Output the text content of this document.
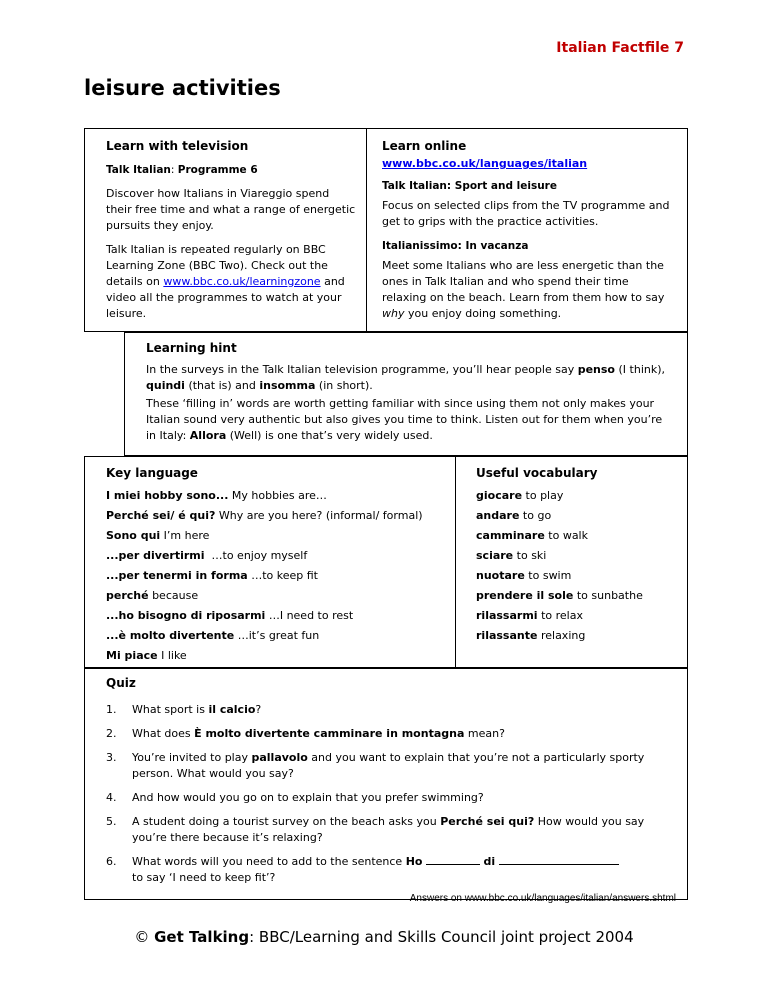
Italian Factfile 7
leisure activities

Learn with television

Talk Italian: Programme 6

Discover how Italians in Viareggio spend their free time and what a range of energetic pursuits they enjoy.

Talk Italian is repeated regularly on BBC Learning Zone (BBC Two). Check out the details on www.bbc.co.uk/learningzone and video all the programmes to watch at your leisure.

Learn online

www.bbc.co.uk/languages/italian

Talk Italian: Sport and leisure

Focus on selected clips from the TV programme and get to grips with the practice activities.

Italianissimo: In vacanza

Meet some Italians who are less energetic than the ones in Talk Italian and who spend their time relaxing on the beach. Learn from them how to say why you enjoy doing something.

Learning hint

In the surveys in the Talk Italian television programme, you’ll hear people say penso (I think), quindi (that is) and insomma (in short).

These ‘filling in’ words are worth getting familiar with since using them not only makes your Italian sound very authentic but also gives you time to think. Listen out for them when you’re in Italy: Allora (Well) is one that’s very widely used.

Key language

I miei hobby sono... My hobbies are…
Perché sei/ é qui? Why are you here? (informal/ formal)
Sono qui I’m here
...per divertirmi  …to enjoy myself
...per tenermi in forma …to keep fit
perché because
...ho bisogno di riposarmi …I need to rest
...è molto divertente …it’s great fun
Mi piace I like

Useful vocabulary

giocare to play
andare to go
camminare to walk
sciare to ski
nuotare to swim
prendere il sole to sunbathe
rilassarmi to relax
rilassante relaxing

Quiz

1.	What sport is il calcio?
2.	What does È molto divertente camminare in montagna mean?
3.	You’re invited to play pallavolo and you want to explain that you’re not a particularly sporty person. What would you say?
4.	And how would you go on to explain that you prefer swimming?
5.	A student doing a tourist survey on the beach asks you Perché sei qui? How would you say you’re there because it’s relaxing?
6.	What words will you need to add to the sentence Ho	di
to say ‘I need to keep fit’?

Answers on www.bbc.co.uk/languages/italian/answers.shtml

© Get Talking: BBC/Learning and Skills Council joint project 2004
